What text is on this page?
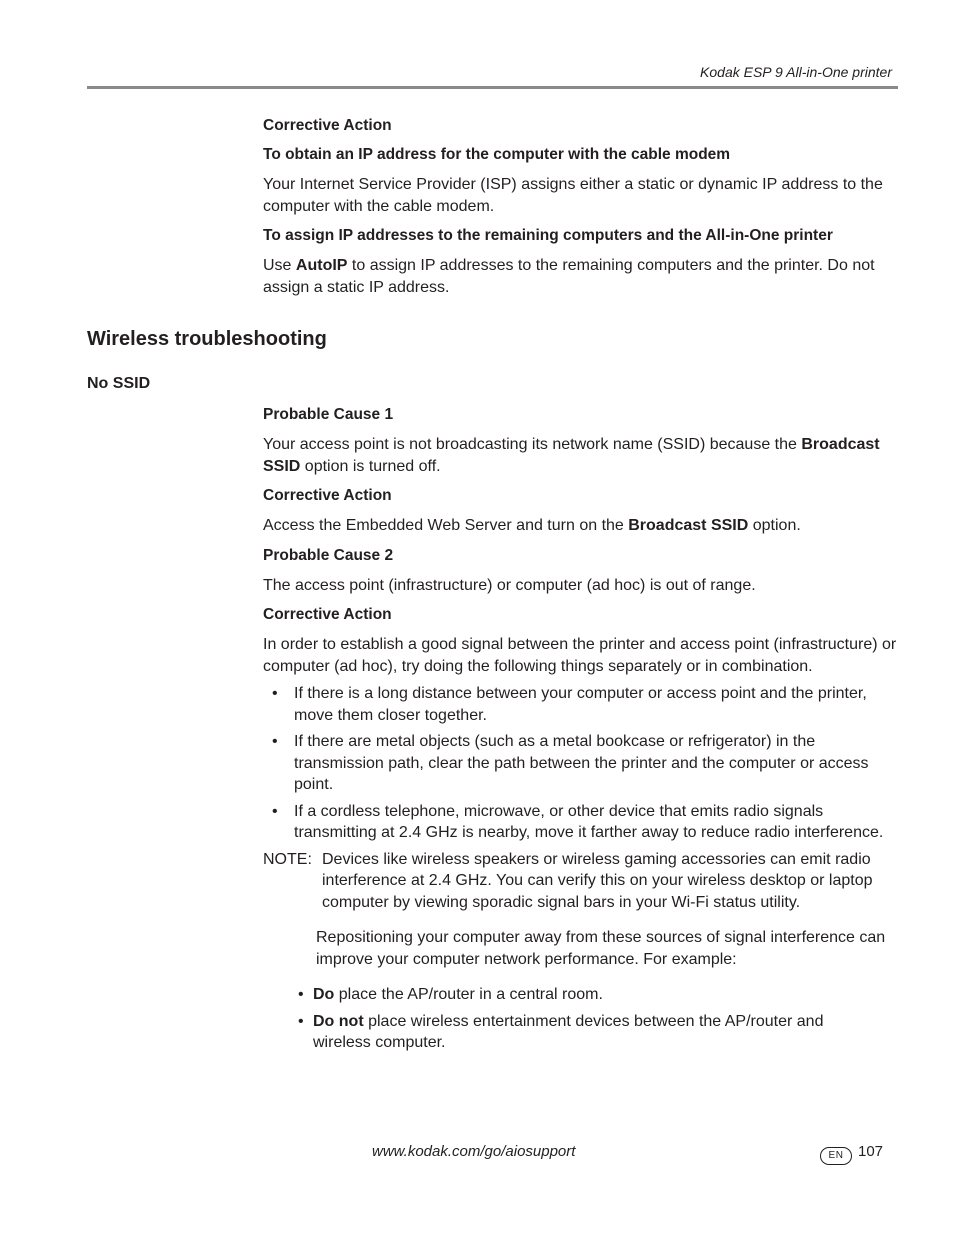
Kodak ESP 9 All-in-One printer
Corrective Action
To obtain an IP address for the computer with the cable modem

Your Internet Service Provider (ISP) assigns either a static or dynamic IP address to the computer with the cable modem.

To assign IP addresses to the remaining computers and the All-in-One printer

Use AutoIP to assign IP addresses to the remaining computers and the printer. Do not assign a static IP address.

Wireless troubleshooting
No SSID
Probable Cause 1

Your access point is not broadcasting its network name (SSID) because the Broadcast SSID option is turned off.

Corrective Action

Access the Embedded Web Server and turn on the Broadcast SSID option.

Probable Cause 2

The access point (infrastructure) or computer (ad hoc) is out of range.

Corrective Action

In order to establish a good signal between the printer and access point (infrastructure) or computer (ad hoc), try doing the following things separately or in combination.

• If there is a long distance between your computer or access point and the printer, move them closer together.
• If there are metal objects (such as a metal bookcase or refrigerator) in the transmission path, clear the path between the printer and the computer or access point.
• If a cordless telephone, microwave, or other device that emits radio signals transmitting at 2.4 GHz is nearby, move it farther away to reduce radio interference.
NOTE: Devices like wireless speakers or wireless gaming accessories can emit radio interference at 2.4 GHz. You can verify this on your wireless desktop or laptop computer by viewing sporadic signal bars in your Wi-Fi status utility.

Repositioning your computer away from these sources of signal interference can improve your computer network performance. For example:

• Do place the AP/router in a central room.
• Do not place wireless entertainment devices between the AP/router and wireless computer.
www.kodak.com/go/aiosupport	EN 107
